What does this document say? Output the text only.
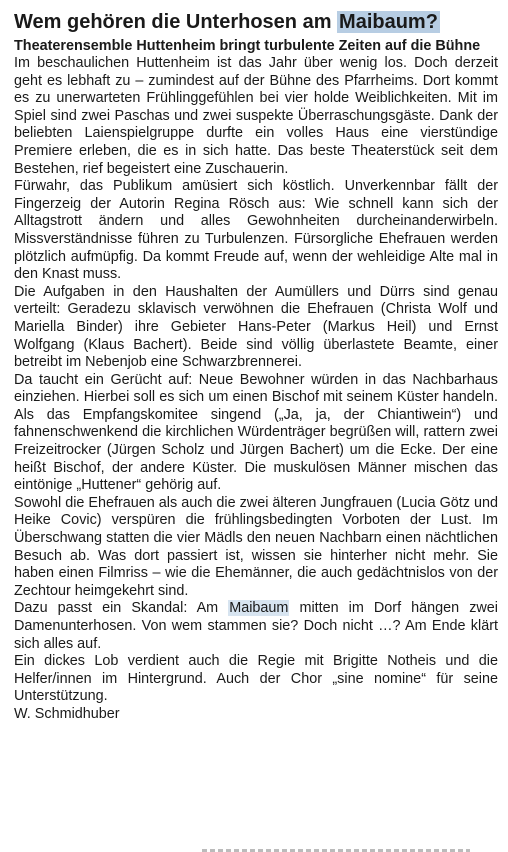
Wem gehören die Unterhosen am Maibaum?
Theaterensemble Huttenheim bringt turbulente Zeiten auf die Bühne

Im beschaulichen Huttenheim ist das Jahr über wenig los. Doch derzeit geht es lebhaft zu – zumindest auf der Bühne des Pfarrheims. Dort kommt es zu unerwarteten Frühlinggefühlen bei vier holde Weiblichkeiten. Mit im Spiel sind zwei Paschas und zwei suspekte Überraschungsgäste. Dank der beliebten Laienspielgruppe durfte ein volles Haus eine vierstündige Premiere erleben, die es in sich hatte. Das beste Theaterstück seit dem Bestehen, rief begeistert eine Zuschauerin.

Fürwahr, das Publikum amüsiert sich köstlich. Unverkennbar fällt der Fingerzeig der Autorin Regina Rösch aus: Wie schnell kann sich der Alltagstrott ändern und alles Gewohnheiten durcheinanderwirbeln. Missverständnisse führen zu Turbulenzen. Fürsorgliche Ehefrauen werden plötzlich aufmüpfig. Da kommt Freude auf, wenn der wehleidige Alte mal in den Knast muss.

Die Aufgaben in den Haushalten der Aumüllers und Dürrs sind genau verteilt: Geradezu sklavisch verwöhnen die Ehefrauen (Christa Wolf und Mariella Binder) ihre Gebieter Hans-Peter (Markus Heil) und Ernst Wolfgang (Klaus Bachert). Beide sind völlig überlastete Beamte, einer betreibt im Nebenjob eine Schwarzbrennerei.

Da taucht ein Gerücht auf: Neue Bewohner würden in das Nachbarhaus einziehen. Hierbei soll es sich um einen Bischof mit seinem Küster handeln. Als das Empfangskomitee singend („Ja, ja, der Chiantiwein“) und fahnenschwenkend die kirchlichen Würdenträger begrüßen will, rattern zwei Freizeitrocker (Jürgen Scholz und Jürgen Bachert) um die Ecke. Der eine heißt Bischof, der andere Küster. Die muskulösen Männer mischen das eintönige „Huttener“ gehörig auf.

Sowohl die Ehefrauen als auch die zwei älteren Jungfrauen (Lucia Götz und Heike Covic) verspüren die frühlingsbedingten Vorboten der Lust. Im Überschwang statten die vier Mädls den neuen Nachbarn einen nächtlichen Besuch ab. Was dort passiert ist, wissen sie hinterher nicht mehr. Sie haben einen Filmriss – wie die Ehemänner, die auch gedächtnislos von der Zechtour heimgekehrt sind.

Dazu passt ein Skandal: Am Maibaum mitten im Dorf hängen zwei Damenunterhosen. Von wem stammen sie? Doch nicht …? Am Ende klärt sich alles auf.

Ein dickes Lob verdient auch die Regie mit Brigitte Notheis und die Helfer/innen im Hintergrund. Auch der Chor „sine nomine“ für seine Unterstützung.

W. Schmidhuber
